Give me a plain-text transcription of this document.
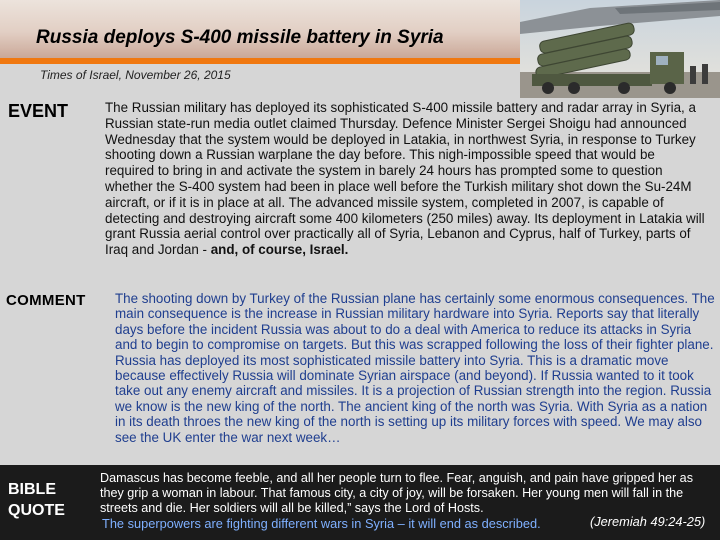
Russia deploys S-400 missile battery in Syria
Times of Israel, November 26, 2015
EVENT	The Russian military has deployed its sophisticated S-400 missile battery and radar array in Syria, a Russian state-run media outlet claimed Thursday. Defence Minister Sergei Shoigu had announced Wednesday that the system would be deployed in Latakia, in northwest Syria, in response to Turkey shooting down a Russian warplane the day before. This nigh-impossible speed that would be required to bring in and activate the system in barely 24 hours has prompted some to question whether the S-400 system had been in place well before the Turkish military shot down the Su-24M aircraft, or if it is in place at all. The advanced missile system, completed in 2007, is capable of detecting and destroying aircraft some 400 kilometers (250 miles) away. Its deployment in Latakia will grant Russia aerial control over practically all of Syria, Lebanon and Cyprus, half of Turkey, parts of Iraq and Jordan - and, of course, Israel.

COMMENT The shooting down by Turkey of the Russian plane has certainly some enormous consequences. The main consequence is the increase in Russian military hardware into Syria. Reports say that literally days before the incident Russia was about to do a deal with America to reduce its attacks in Syria and to begin to compromise on targets. But this was scrapped following the loss of their fighter plane. Russia has deployed its most sophisticated missile battery into Syria. This is a dramatic move because effectively Russia will dominate Syrian airspace (and beyond). If Russia wanted to it took take out any enemy aircraft and missiles. It is a projection of Russian strength into the region. Russia we know is the new king of the north. The ancient king of the north was Syria. With Syria as a nation in its death throes the new king of the north is setting up its military forces with speed. We may also see the UK enter the war next week…

BIBLE
QUOTE

Damascus has become feeble, and all her people turn to flee. Fear, anguish, and pain have gripped her as they grip a woman in labour. That famous city, a city of joy, will be forsaken. Her young men will fall in the streets and die. Her soldiers will all be killed,” says the Lord of Hosts.

The superpowers are fighting different wars in Syria – it will end as described.	(Jeremiah 49:24-25)
